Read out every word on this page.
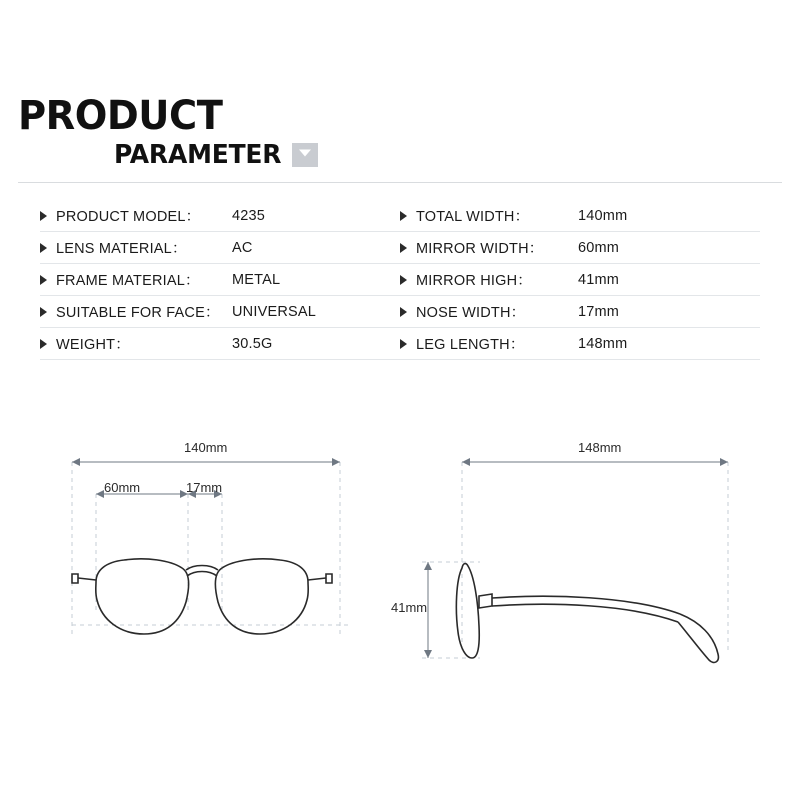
PRODUCT
PARAMETER
PRODUCT MODEL：	4235
LENS MATERIAL：	AC
FRAME MATERIAL：	METAL
SUITABLE FOR FACE： UNIVERSAL
WEIGHT：	30.5G
TOTAL WIDTH：	140mm
MIRROR WIDTH：	60mm
MIRROR HIGH：	41mm
NOSE WIDTH：	17mm
LEG LENGTH：	148mm
140mm
60mm	17mm
148mm
41mm
